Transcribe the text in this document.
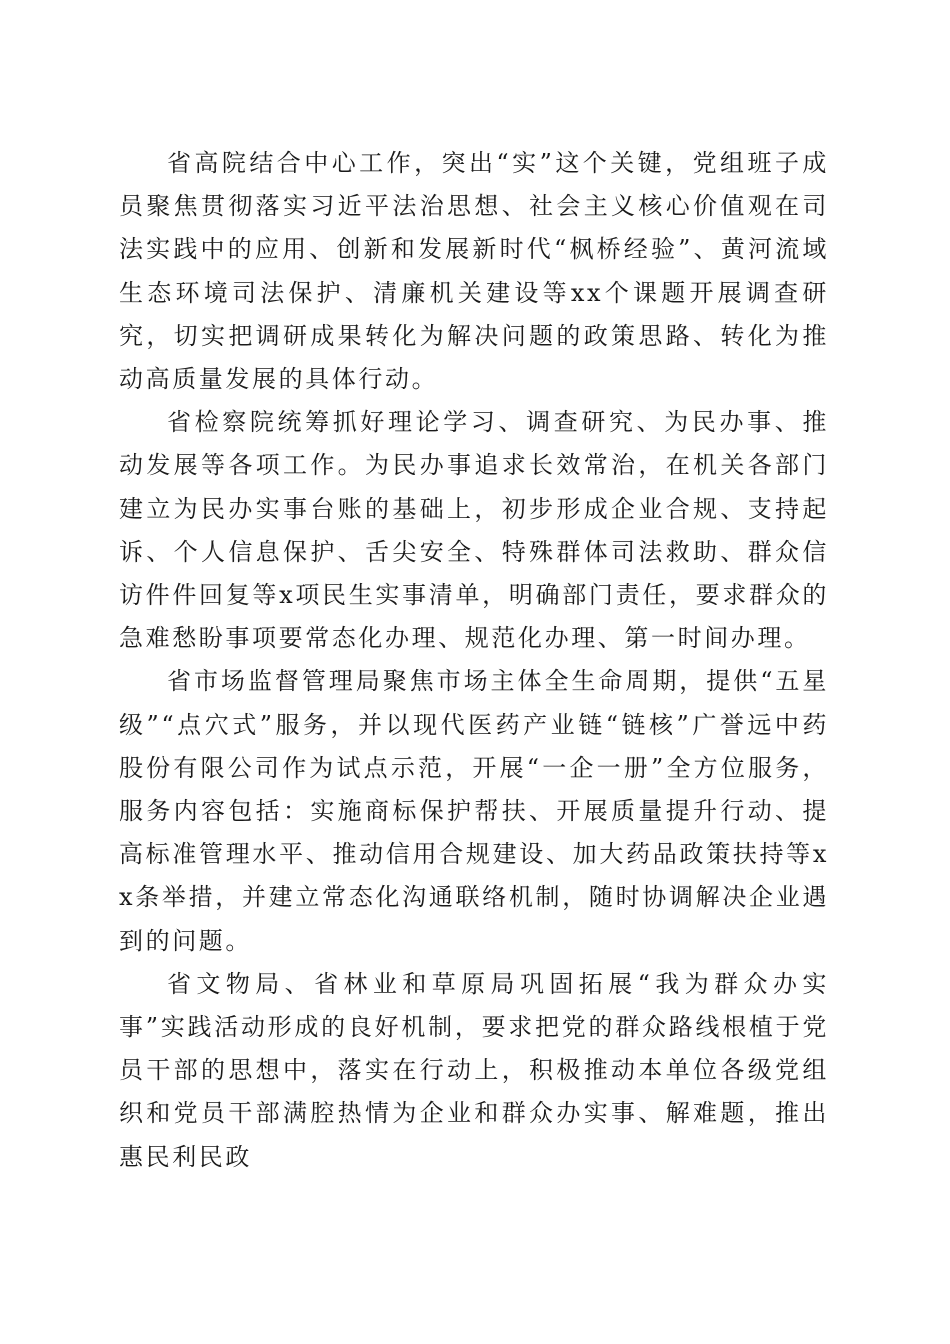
省高院结合中心工作，突出“实”这个关键，党组班子成员聚焦贯彻落实习近平法治思想、社会主义核心价值观在司法实践中的应用、创新和发展新时代“枫桥经验”、黄河流域生态环境司法保护、清廉机关建设等xx个课题开展调查研究，切实把调研成果转化为解决问题的政策思路、转化为推动高质量发展的具体行动。

省检察院统筹抓好理论学习、调查研究、为民办事、推动发展等各项工作。为民办事追求长效常治，在机关各部门建立为民办实事台账的基础上，初步形成企业合规、支持起诉、个人信息保护、舌尖安全、特殊群体司法救助、群众信访件件回复等x项民生实事清单，明确部门责任，要求群众的急难愁盼事项要常态化办理、规范化办理、第一时间办理。

省市场监督管理局聚焦市场主体全生命周期，提供“五星级”“点穴式”服务，并以现代医药产业链“链核”广誉远中药股份有限公司作为试点示范，开展“一企一册”全方位服务，服务内容包括：实施商标保护帮扶、开展质量提升行动、提高标准管理水平、推动信用合规建设、加大药品政策扶持等xx条举措，并建立常态化沟通联络机制，随时协调解决企业遇到的问题。

省文物局、省林业和草原局巩固拓展“我为群众办实事”实践活动形成的良好机制，要求把党的群众路线根植于党员干部的思想中，落实在行动上，积极推动本单位各级党组织和党员干部满腔热情为企业和群众办实事、解难题，推出惠民利民政
